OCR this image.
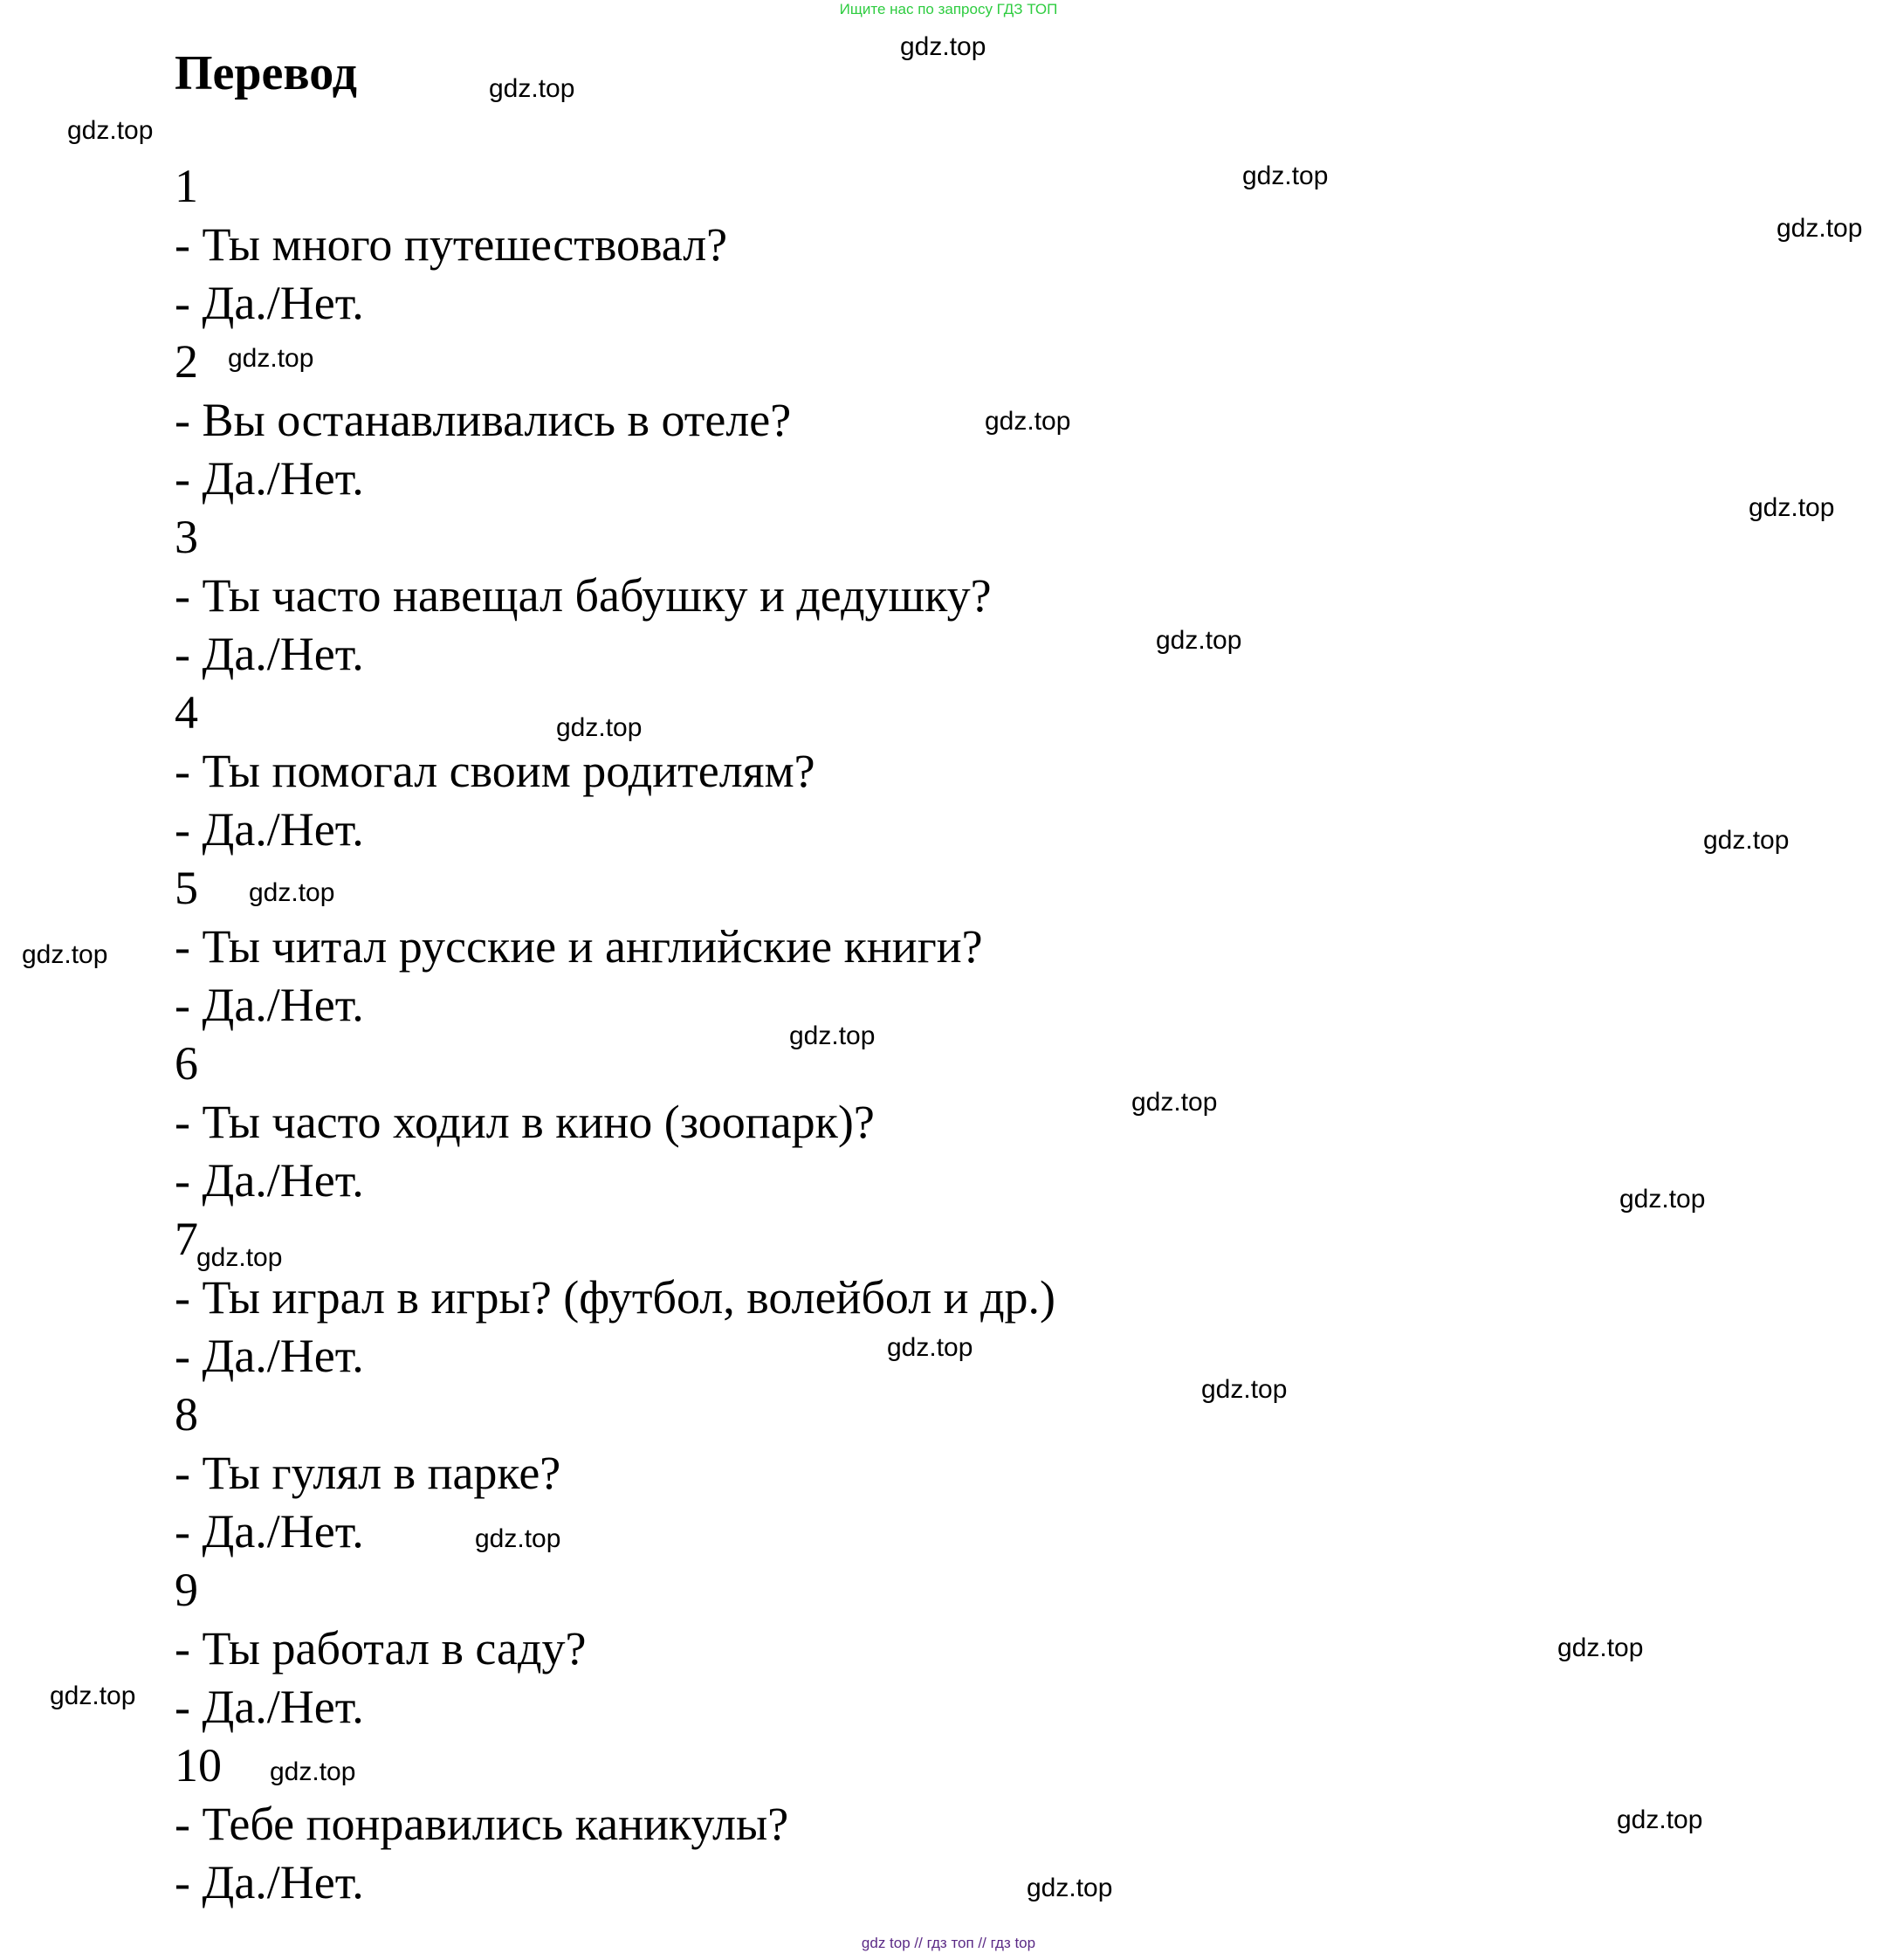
Ищите нас по запросу ГДЗ ТОП
Перевод
1
- Ты много путешествовал?
- Да./Нет.
2
- Вы останавливались в отеле?
- Да./Нет.
3
- Ты часто навещал бабушку и дедушку?
- Да./Нет.
4
- Ты помогал своим родителям?
- Да./Нет.
5
- Ты читал русские и английские книги?
- Да./Нет.
6
- Ты часто ходил в кино (зоопарк)?
- Да./Нет.
7
- Ты играл в игры? (футбол, волейбол и др.)
- Да./Нет.
8
- Ты гулял в парке?
- Да./Нет.
9
- Ты работал в саду?
- Да./Нет.
10
- Тебе понравились каникулы?
- Да./Нет.
gdz.top
gdz.top
gdz.top
gdz.top
gdz.top
gdz.top
gdz.top
gdz.top
gdz.top
gdz.top
gdz.top
gdz.top
gdz.top
gdz.top
gdz.top
gdz.top
gdz.top
gdz.top
gdz.top
gdz.top
gdz.top
gdz.top
gdz.top
gdz.top
gdz.top
gdz top // гдз топ // гдз top
